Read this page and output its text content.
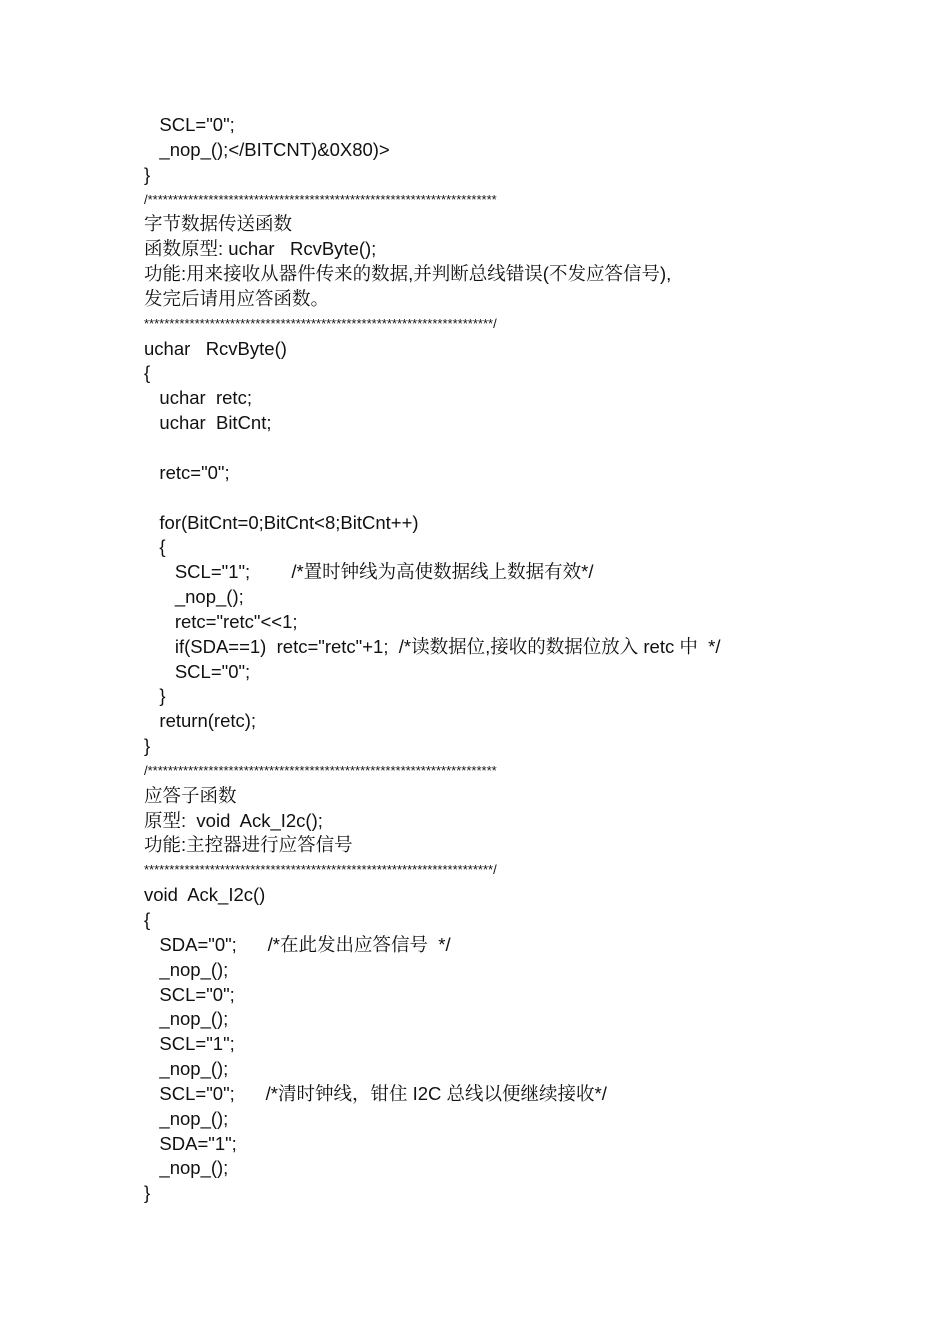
SCL="0";
_nop_();</BITCNT)&0X80)>
}
/*********************************************************************
字节数据传送函数
函数原型: uchar   RcvByte();
功能:用来接收从器件传来的数据,并判断总线错误(不发应答信号),
发完后请用应答函数。
*********************************************************************/
uchar   RcvByte()
{
uchar  retc;
uchar  BitCnt;
retc="0";
for(BitCnt=0;BitCnt<8;BitCnt++)
{
SCL="1";        /*置时钟线为高使数据线上数据有效*/
_nop_();
retc="retc"<<1;
if(SDA==1)  retc="retc"+1;  /*读数据位,接收的数据位放入 retc 中  */
SCL="0";
}
return(retc);
}
/*********************************************************************
应答子函数
原型:  void  Ack_I2c();
功能:主控器进行应答信号
*********************************************************************/
void  Ack_I2c()
{
SDA="0";      /*在此发出应答信号  */
_nop_();
SCL="0";
_nop_();
SCL="1";
_nop_();
SCL="0";      /*清时钟线，钳住 I2C 总线以便继续接收*/
_nop_();
SDA="1";
_nop_();
}
